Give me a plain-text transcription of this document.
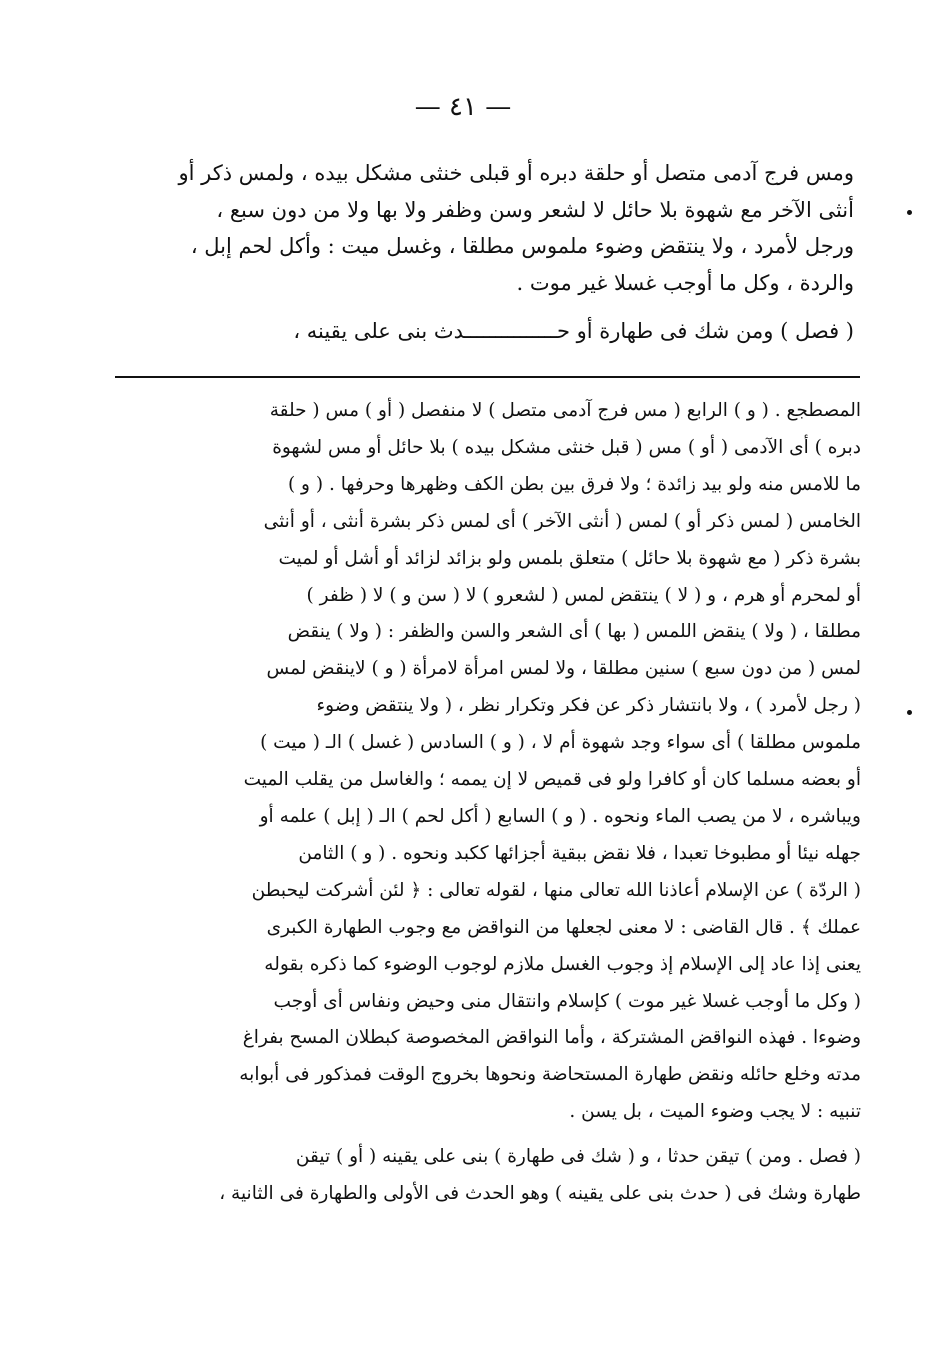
— ٤١ —

ومس فرج آدمى متصل أو حلقة دبره أو قبلى خنثى مشكل بيده ، ولمس ذكر أو

أنثى الآخر مع شهوة بلا حائل لا لشعر وسن وظفر ولا بها ولا من دون سبع ،

ورجل لأمرد ، ولا ينتقض وضوء ملموس مطلقا ، وغسل ميت : وأكل لحم إبل ،

والردة ، وكل ما أوجب غسلا غير موت .

( فصل ) ومن شك فى طهارة أو حـــــــــــــــدث بنى على يقينه ،

المصطجع . ( و ) الرابع ( مس فرج آدمى متصل ) لا منفصل ( أو ) مس ( حلقة

دبره ) أى الآدمى ( أو ) مس ( قبل خنثى مشكل بيده ) بلا حائل أو مس لشهوة

ما للامس منه ولو بيد زائدة ؛ ولا فرق بين بطن الكف وظهرها وحرفها . ( و )

الخامس ( لمس ذكر أو ) لمس ( أنثى الآخر ) أى لمس ذكر بشرة أنثى ، أو أنثى

بشرة ذكر ( مع شهوة بلا حائل ) متعلق بلمس ولو بزائد لزائد أو أشل أو لميت

أو لمحرم أو هرم ، و ( لا ) ينتقض لمس ( لشعرو ) لا ( سن و ) لا ( ظفر )

مطلقا ، ( ولا ) ينقض اللمس ( بها ) أى الشعر والسن والظفر : ( ولا ) ينقض

لمس ( من دون سبع ) سنين مطلقا ، ولا لمس امرأة لامرأة ( و ) لاينقض لمس

( رجل لأمرد ) ، ولا بانتشار ذكر عن فكر وتكرار نظر ، ( ولا ينتقض وضوء

ملموس مطلقا ) أى سواء وجد شهوة أم لا ، ( و ) السادس ( غسل ) الـ ( ميت )

أو بعضه مسلما كان أو كافرا ولو فى قميص لا إن يممه ؛ والغاسل من يقلب الميت

ويباشره ، لا من يصب الماء ونحوه . ( و ) السابع ( أكل لحم ) الـ ( إبل ) علمه أو

جهله نيئا أو مطبوخا تعبدا ، فلا نقض ببقية أجزائها ككبد ونحوه . ( و ) الثامن

( الردّة ) عن الإسلام أعاذنا الله تعالى منها ، لقوله تعالى : ﴿ لئن أشركت ليحبطن

عملك ﴾ . قال القاضى : لا معنى لجعلها من النواقض مع وجوب الطهارة الكبرى

يعنى إذا عاد إلى الإسلام إذ وجوب الغسل ملازم لوجوب الوضوء كما ذكره بقوله

( وكل ما أوجب غسلا غير موت ) كإسلام وانتقال منى وحيض ونفاس أى أوجب

وضوءا . فهذه النواقض المشتركة ، وأما النواقض المخصوصة كبطلان المسح بفراغ

مدته وخلع حائله ونقض طهارة المستحاضة ونحوها بخروج الوقت فمذكور فى أبوابه

تنبيه : لا يجب وضوء الميت ، بل يسن .

( فصل . ومن ) تيقن حدثا ، و ( شك فى طهارة ) بنى على يقينه ( أو ) تيقن

طهارة وشك فى ( حدث بنى على يقينه ) وهو الحدث فى الأولى والطهارة فى الثانية ،
